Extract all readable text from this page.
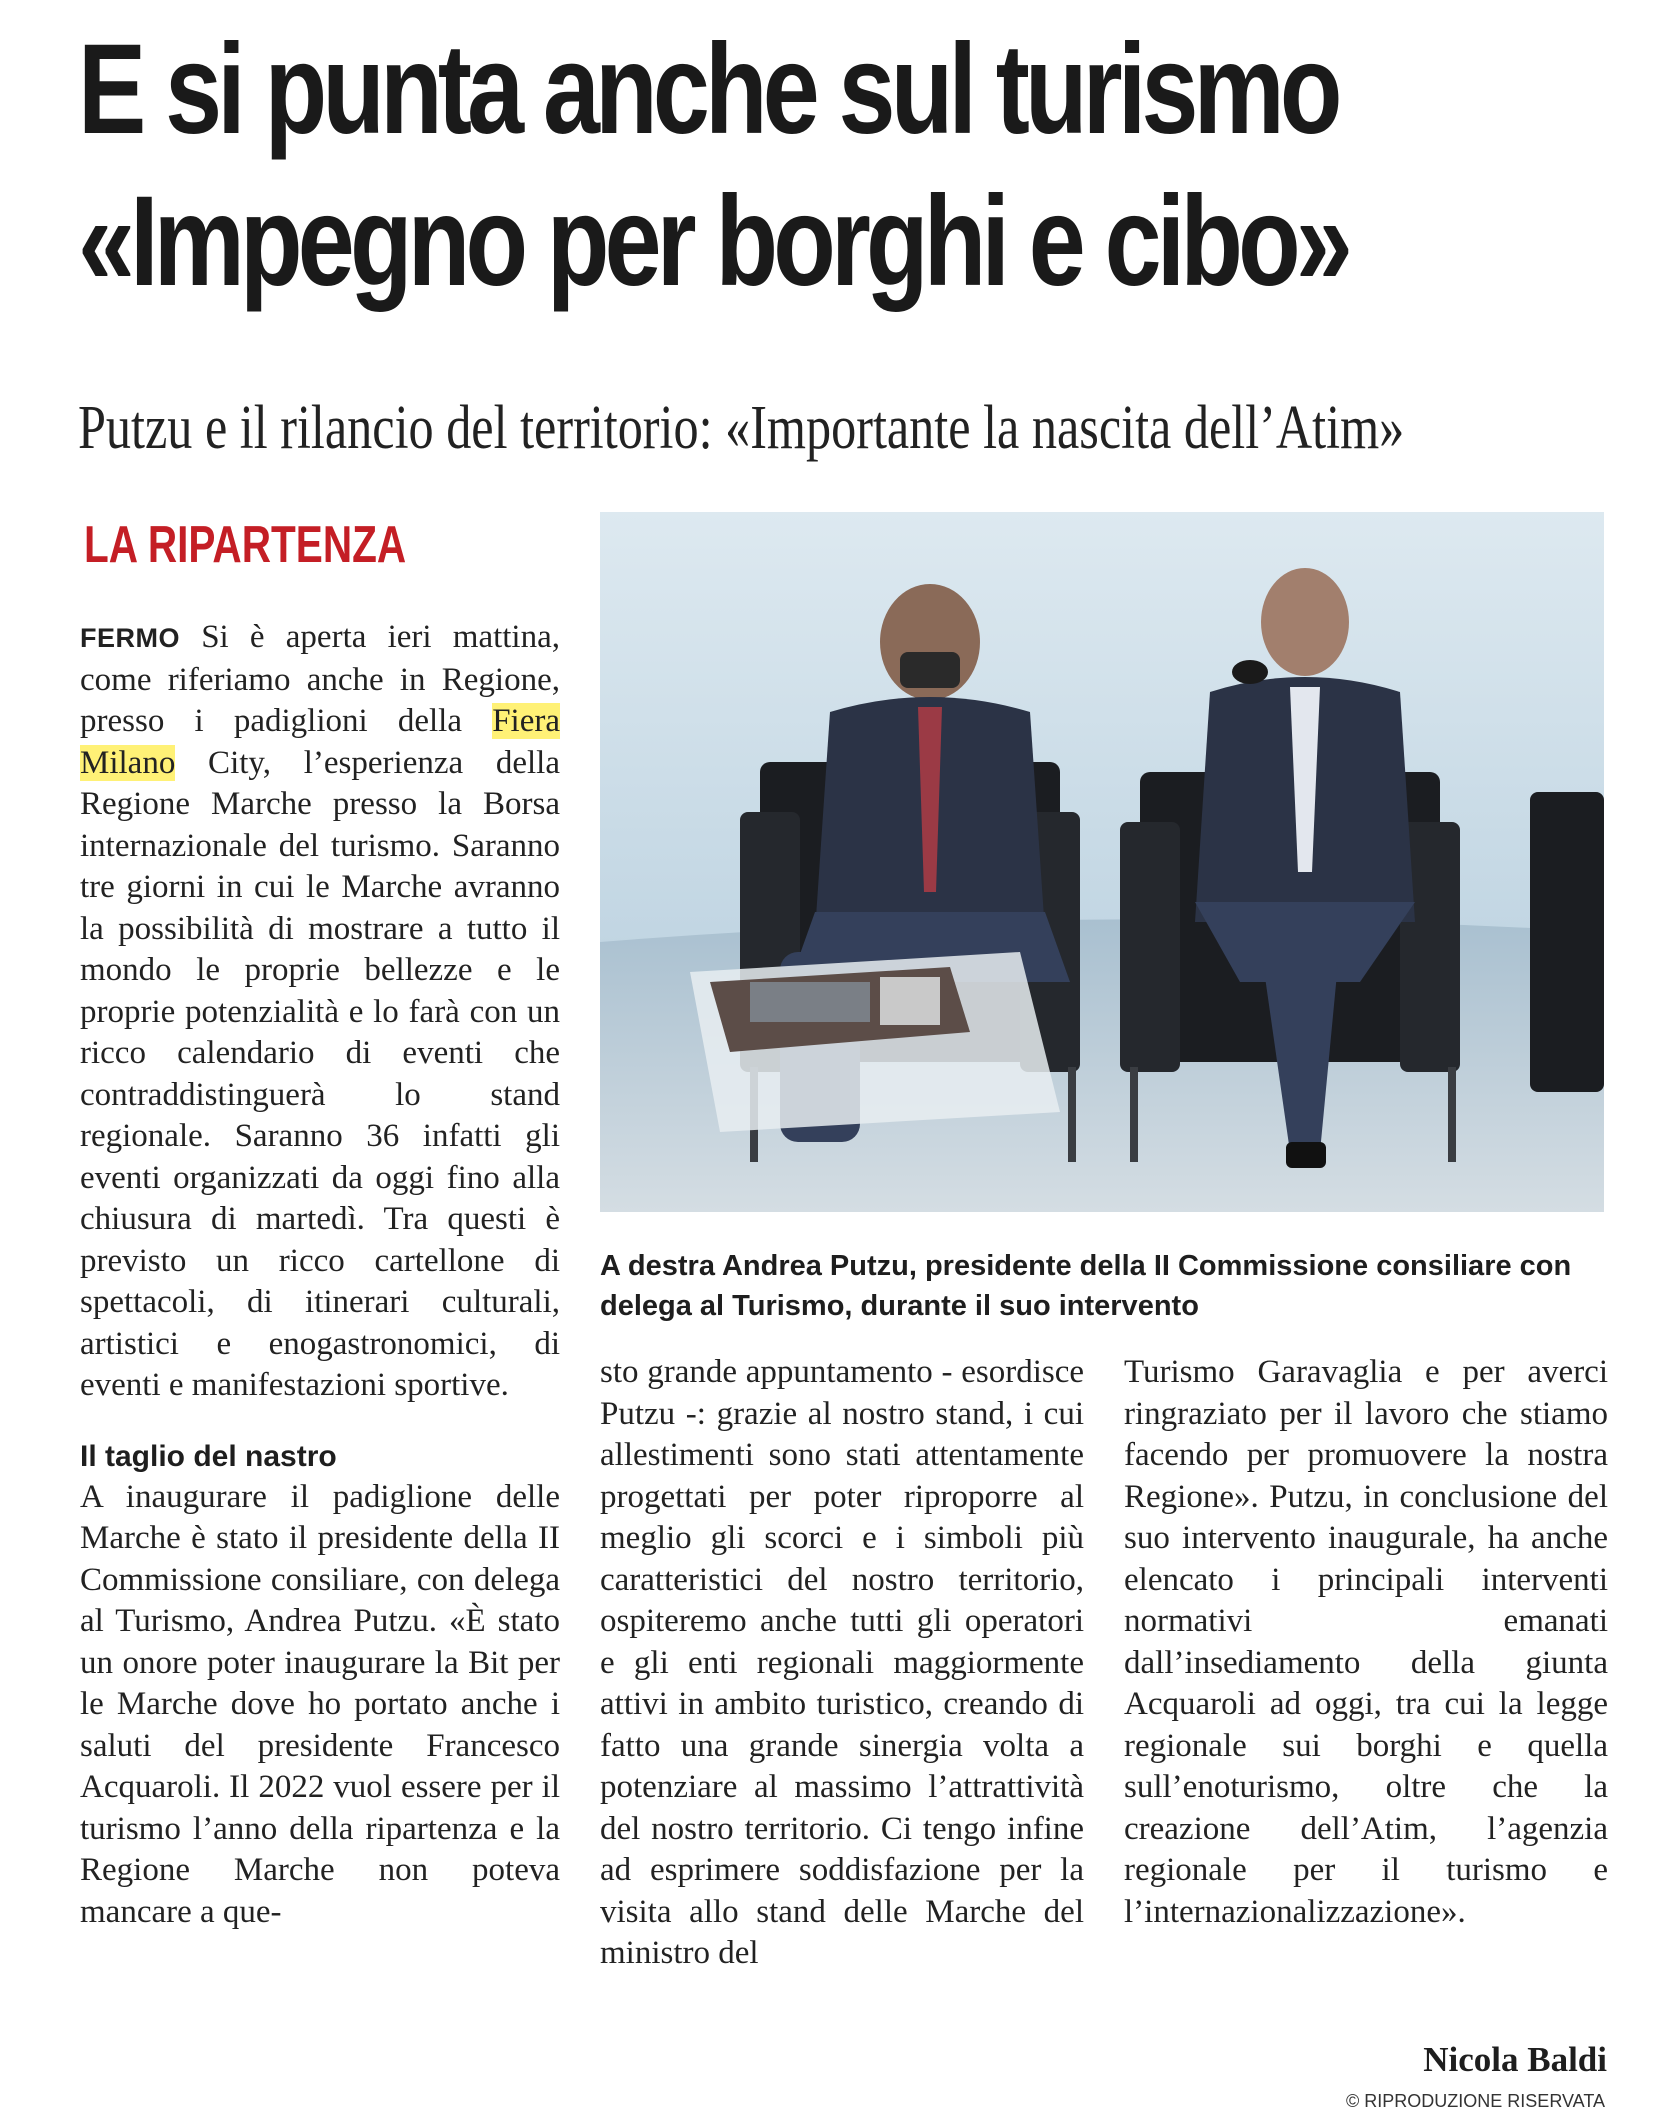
E si punta anche sul turismo
«Impegno per borghi e cibo»
Putzu e il rilancio del territorio: «Importante la nascita dell’Atim»
LA RIPARTENZA
A destra Andrea Putzu, presidente della II Commissione consiliare con delega al Turismo, durante il suo intervento

FERMO Si è aperta ieri mattina, come riferiamo anche in Regione, presso i padiglioni della Fiera Milano City, l’esperienza della Regione Marche presso la Borsa internazionale del turismo. Saranno tre giorni in cui le Marche avranno la possibilità di mostrare a tutto il mondo le proprie bellezze e le proprie potenzialità e lo farà con un ricco calendario di eventi che contraddistinguerà lo stand regionale. Saranno 36 infatti gli eventi organizzati da oggi fino alla chiusura di martedì. Tra questi è previsto un ricco cartellone di spettacoli, di itinerari culturali, artistici e enogastronomici, di eventi e manifestazioni sportive.

Il taglio del nastro

A inaugurare il padiglione delle Marche è stato il presidente della II Commissione consiliare, con delega al Turismo, Andrea Putzu. «È stato un onore poter inaugurare la Bit per le Marche dove ho portato anche i saluti del presidente Francesco Acquaroli. Il 2022 vuol essere per il turismo l’anno della ripartenza e la Regione Marche non poteva mancare a que-

sto grande appuntamento - esordisce Putzu -: grazie al nostro stand, i cui allestimenti sono stati attentamente progettati per poter riproporre al meglio gli scorci e i simboli più caratteristici del nostro territorio, ospiteremo anche tutti gli operatori e gli enti regionali maggiormente attivi in ambito turistico, creando di fatto una grande sinergia volta a potenziare al massimo l’attrattività del nostro territorio. Ci tengo infine ad esprimere soddisfazione per la visita allo stand delle Marche del ministro del

Turismo Garavaglia e per averci ringraziato per il lavoro che stiamo facendo per promuovere la nostra Regione». Putzu, in conclusione del suo intervento inaugurale, ha anche elencato i principali interventi normativi emanati dall’insediamento della giunta Acquaroli ad oggi, tra cui la legge regionale sui borghi e quella sull’enoturismo, oltre che la creazione dell’Atim, l’agenzia regionale per il turismo e l’internazionalizzazione».

Nicola Baldi
© RIPRODUZIONE RISERVATA
